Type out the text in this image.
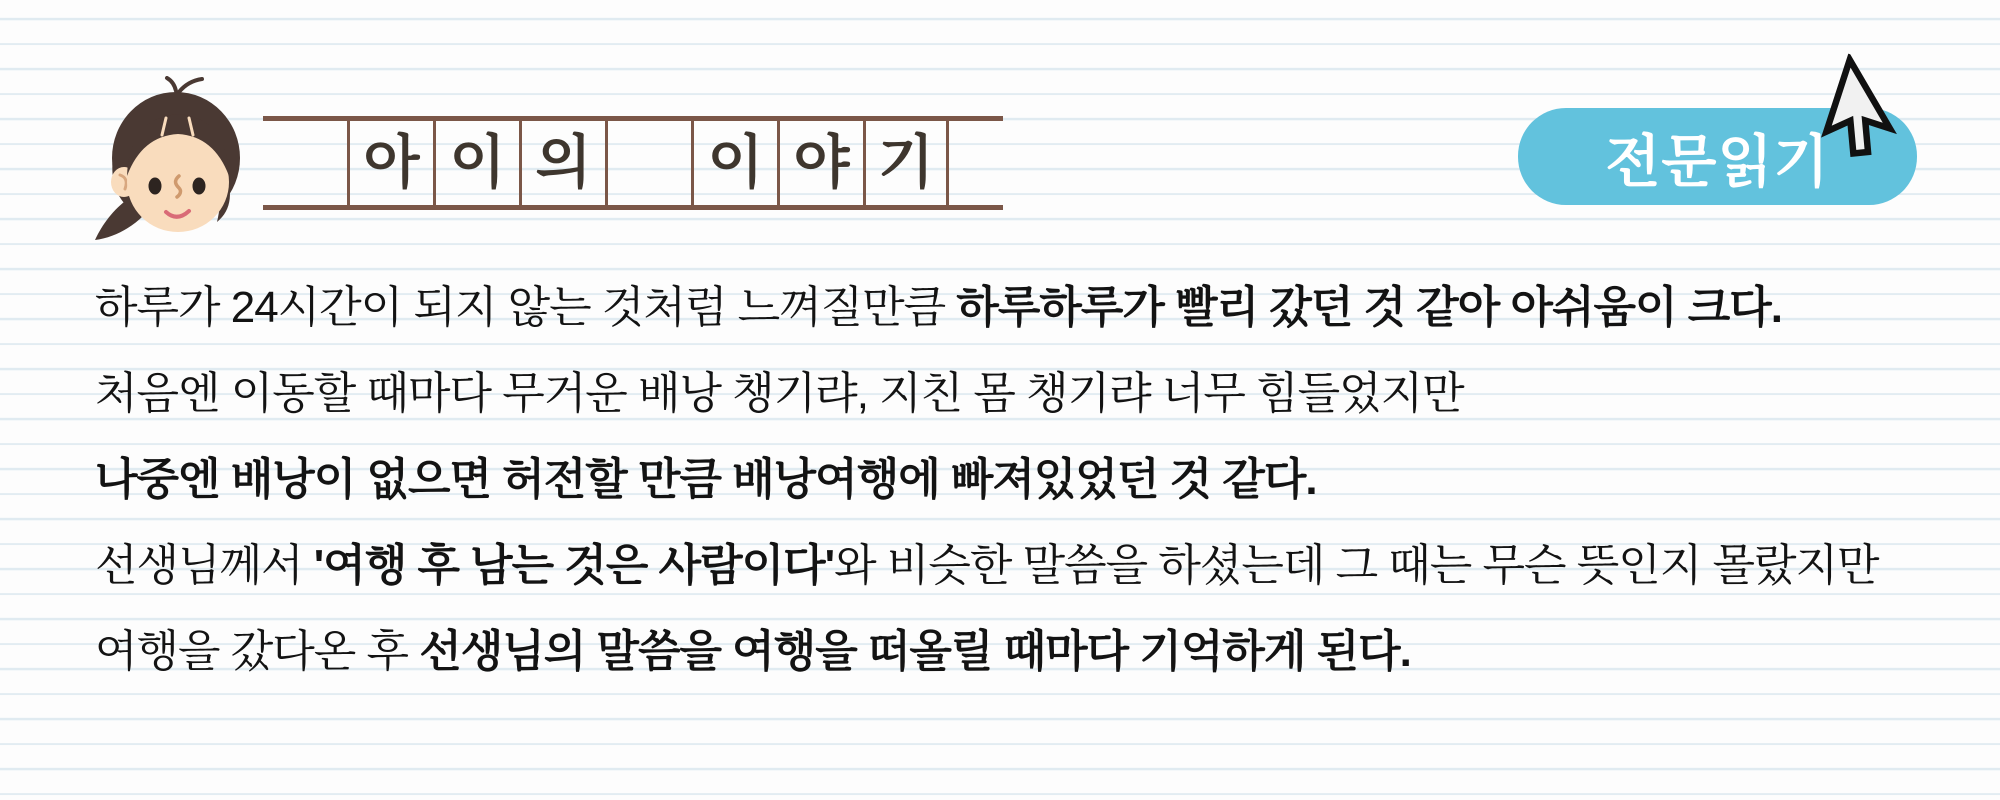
아 이 의 이 야 기	전문읽기
하루가 24시간이 되지 않는 것처럼 느껴질만큼 하루하루가 빨리 갔던 것 같아 아쉬움이 크다.
처음엔 이동할 때마다 무거운 배낭 챙기랴, 지친 몸 챙기랴 너무 힘들었지만
나중엔 배낭이 없으면 허전할 만큼 배낭여행에 빠져있었던 것 같다.
선생님께서 '여행 후 남는 것은 사람이다'와 비슷한 말씀을 하셨는데 그 때는 무슨 뜻인지 몰랐지만
여행을 갔다온 후 선생님의 말씀을 여행을 떠올릴 때마다 기억하게 된다.
